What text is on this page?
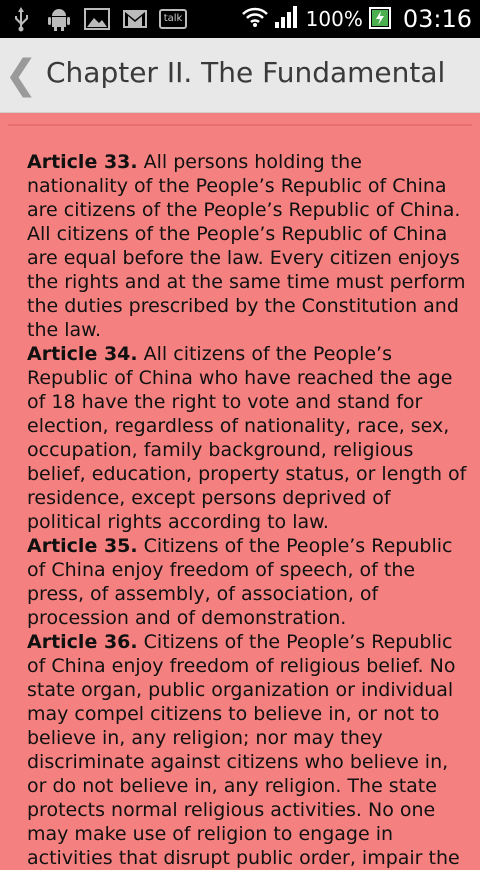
talk	100% 03:16
❮ Chapter II. The Fundamental

Article 33. All persons holding the nationality of the People’s Republic of China are citizens of the People’s Republic of China. All citizens of the People’s Republic of China are equal before the law. Every citizen enjoys the rights and at the same time must perform the duties prescribed by the Constitution and the law.

Article 34. All citizens of the People’s Republic of China who have reached the age of 18 have the right to vote and stand for election, regardless of nationality, race, sex, occupation, family background, religious belief, education, property status, or length of residence, except persons deprived of political rights according to law.

Article 35. Citizens of the People’s Republic of China enjoy freedom of speech, of the press, of assembly, of association, of procession and of demonstration.

Article 36. Citizens of the People’s Republic of China enjoy freedom of religious belief. No state organ, public organization or individual may compel citizens to believe in, or not to believe in, any religion; nor may they discriminate against citizens who believe in, or do not believe in, any religion. The state protects normal religious activities. No one may make use of religion to engage in activities that disrupt public order, impair the
